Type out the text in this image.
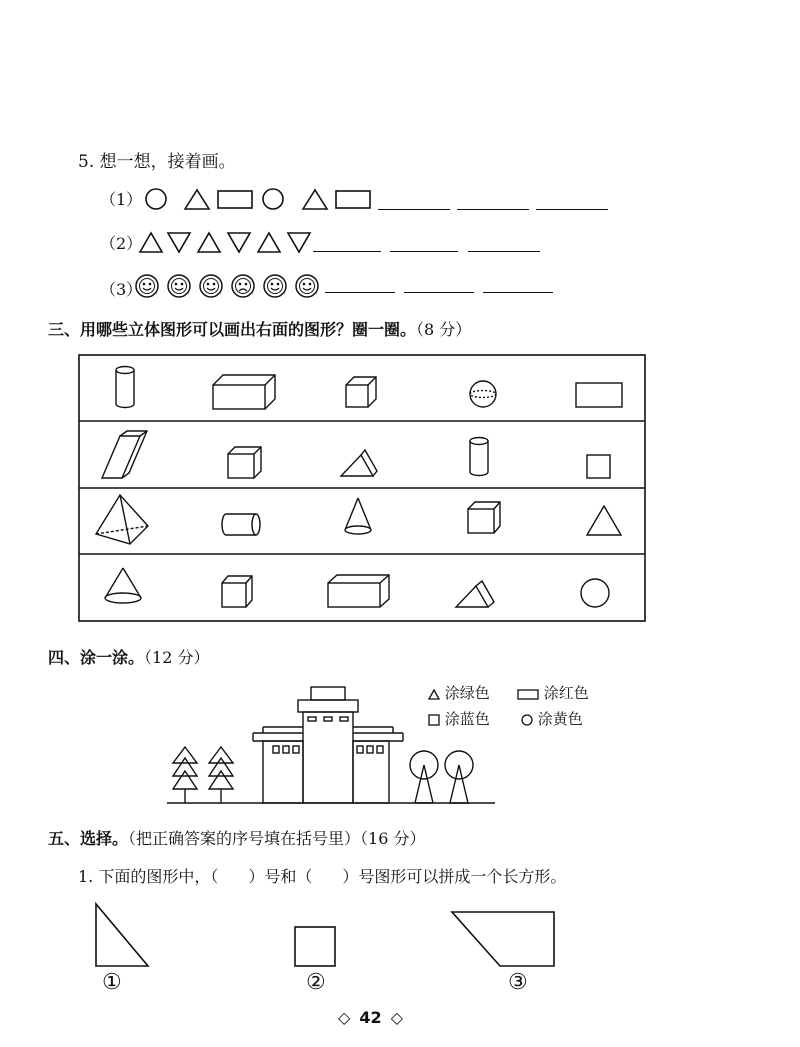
5. 想一想，接着画。
（1）
（2）
（3）
三、用哪些立体图形可以画出右面的图形？圈一圈。（8 分）
四、涂一涂。（12 分）
涂绿色	涂红色
涂蓝色	涂黄色
五、选择。（把正确答案的序号填在括号里）（16 分）
1. 下面的图形中，（ ）号和（ ）号图形可以拼成一个长方形。
①	②	③
◇ 42 ◇
